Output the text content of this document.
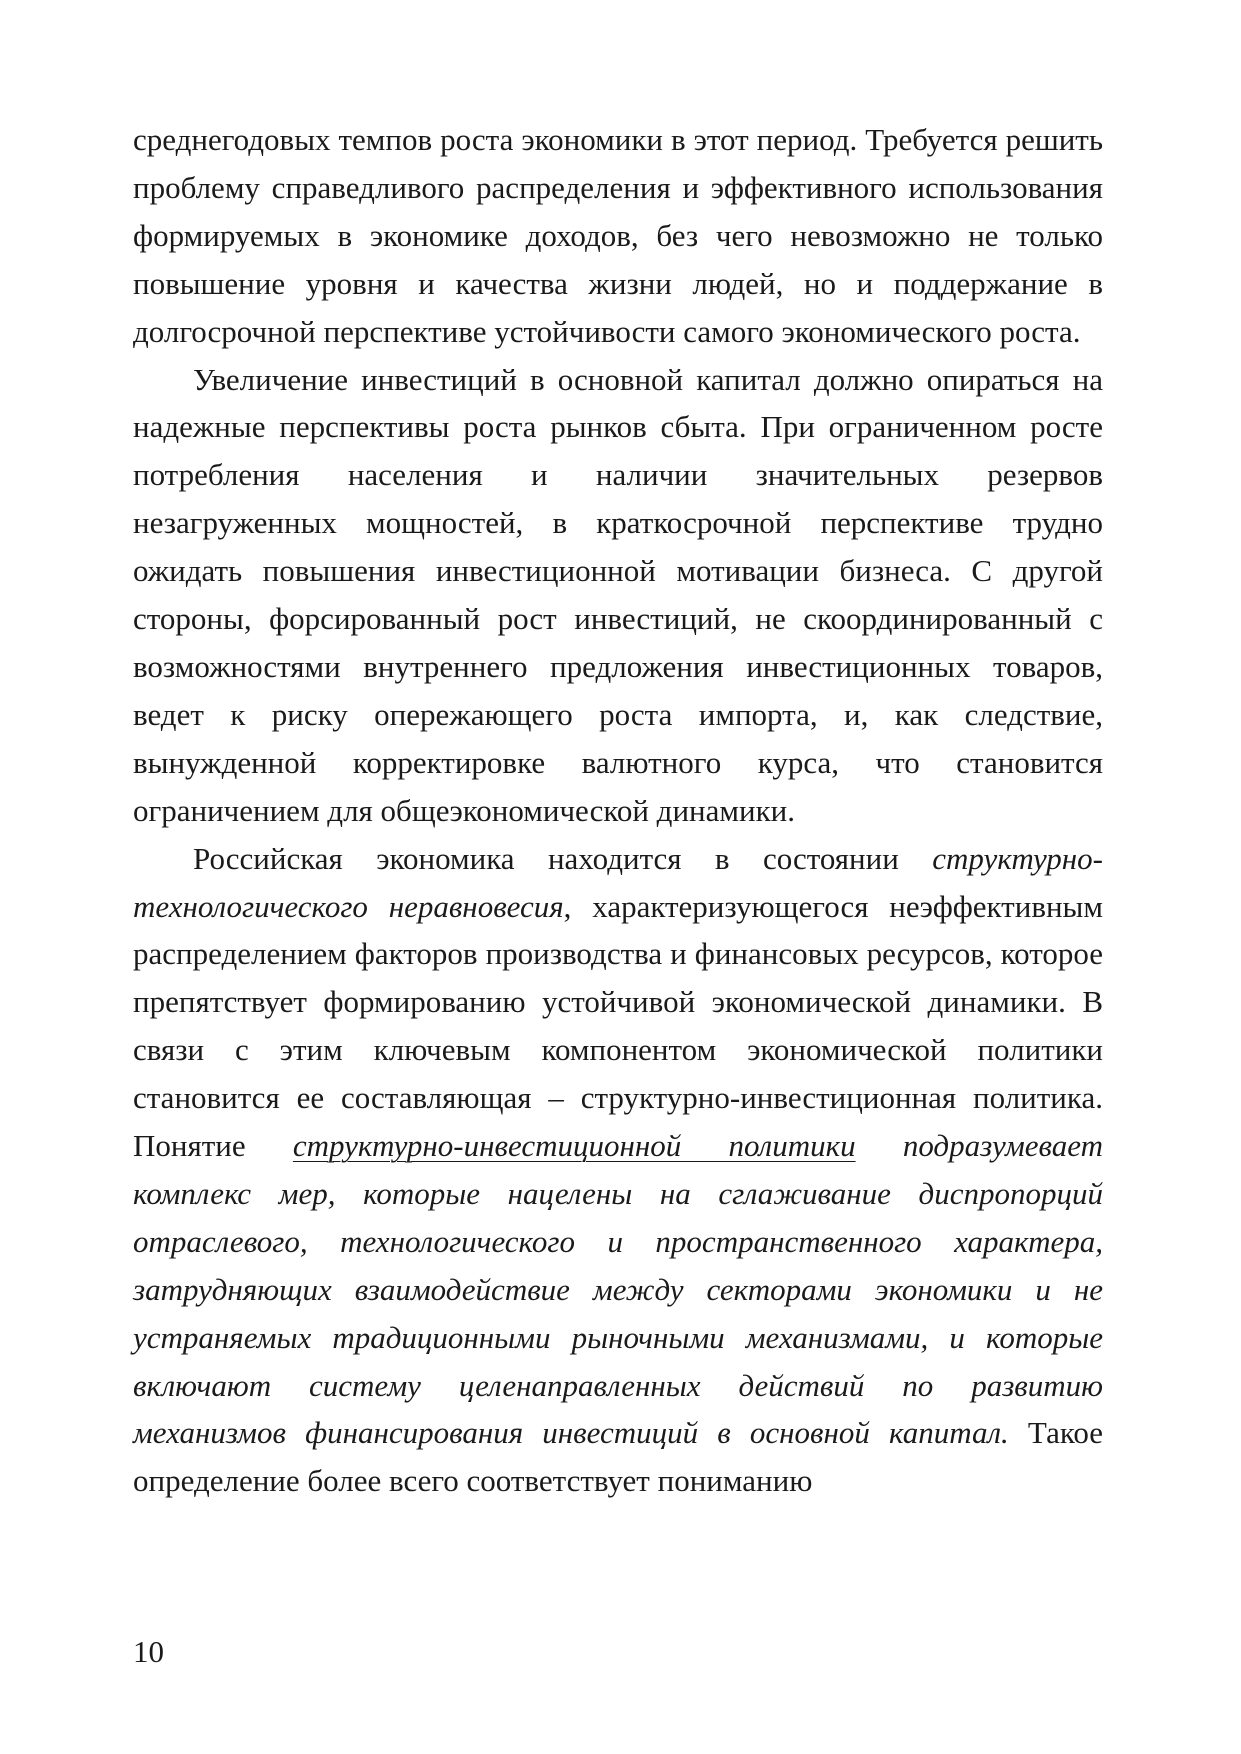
среднегодовых темпов роста экономики в этот период. Требуется решить проблему справедливого распределения и эффективного использования формируемых в экономике доходов, без чего невозможно не только повышение уровня и качества жизни людей, но и поддержание в долгосрочной перспективе устойчивости самого экономического роста.

Увеличение инвестиций в основной капитал должно опираться на надежные перспективы роста рынков сбыта. При ограниченном росте потребления населения и наличии значительных резервов незагруженных мощностей, в краткосрочной перспективе трудно ожидать повышения инвестиционной мотивации бизнеса. С другой стороны, форсированный рост инвестиций, не скоординированный с возможностями внутреннего предложения инвестиционных товаров, ведет к риску опережающего роста импорта, и, как следствие, вынужденной корректировке валютного курса, что становится ограничением для общеэкономической динамики.

Российская экономика находится в состоянии структурно-технологического неравновесия, характеризующегося неэффективным распределением факторов производства и финансовых ресурсов, которое препятствует формированию устойчивой экономической динамики. В связи с этим ключевым компонентом экономической политики становится ее составляющая – структурно-инвестиционная политика. Понятие структурно-инвестиционной политики подразумевает комплекс мер, которые нацелены на сглаживание диспропорций отраслевого, технологического и пространственного характера, затрудняющих взаимодействие между секторами экономики и не устраняемых традиционными рыночными механизмами, и которые включают систему целенаправленных действий по развитию механизмов финансирования инвестиций в основной капитал. Такое определение более всего соответствует пониманию

10
